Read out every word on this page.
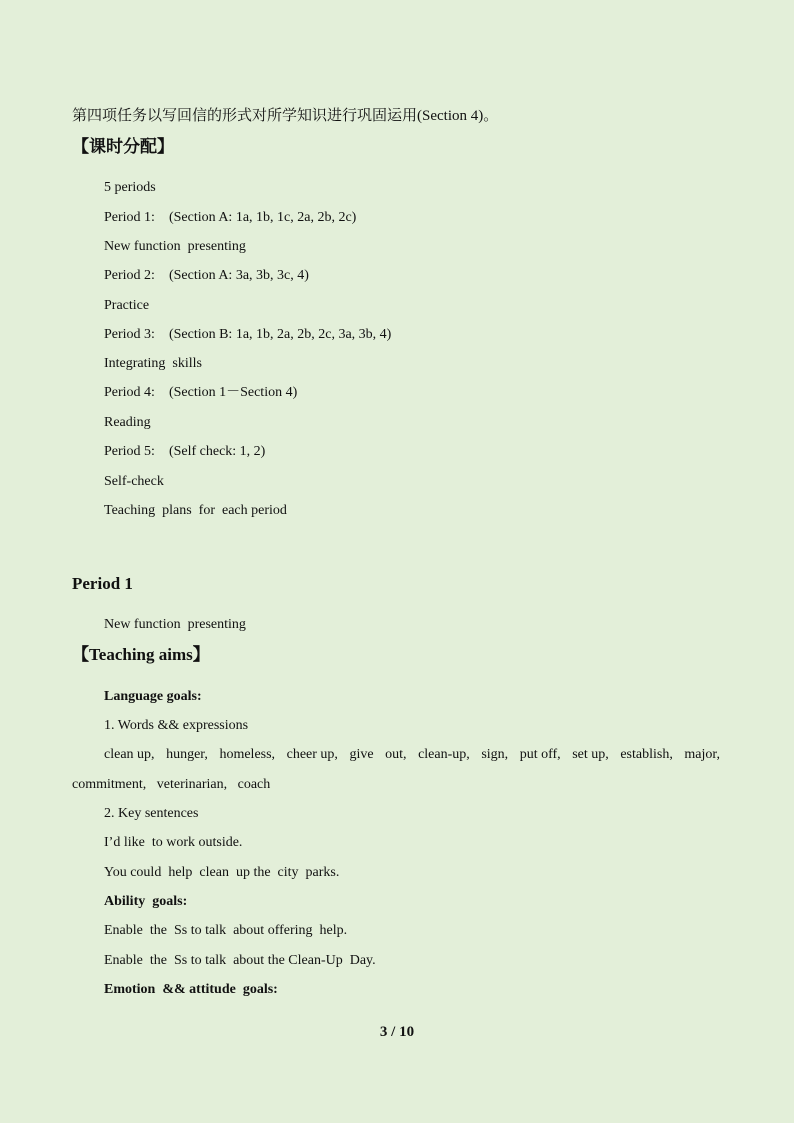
第四项任务以写回信的形式对所学知识进行巩固运用(Section 4)。
【课时分配】
5 periods
Period 1:    (Section A: 1a, 1b, 1c, 2a, 2b, 2c)
New function  presenting
Period 2:    (Section A: 3a, 3b, 3c, 4)
Practice
Period 3:    (Section B: 1a, 1b, 2a, 2b, 2c, 3a, 3b, 4)
Integrating  skills
Period 4:    (Section 1－Section 4)
Reading
Period 5:    (Self check: 1, 2)
Self-check
Teaching  plans  for  each period
Period 1
New function  presenting
【Teaching aims】
Language goals:
1. Words && expressions
clean up, hunger, homeless, cheer up, give out, clean-up, sign, put off, set up, establish, major,
commitment,   veterinarian,   coach
2. Key sentences
I’d like  to work outside.
You could  help  clean  up the  city  parks.
Ability  goals:
Enable  the  Ss to talk  about offering  help.
Enable  the  Ss to talk  about the Clean-Up  Day.
Emotion  && attitude  goals:
3 / 10
